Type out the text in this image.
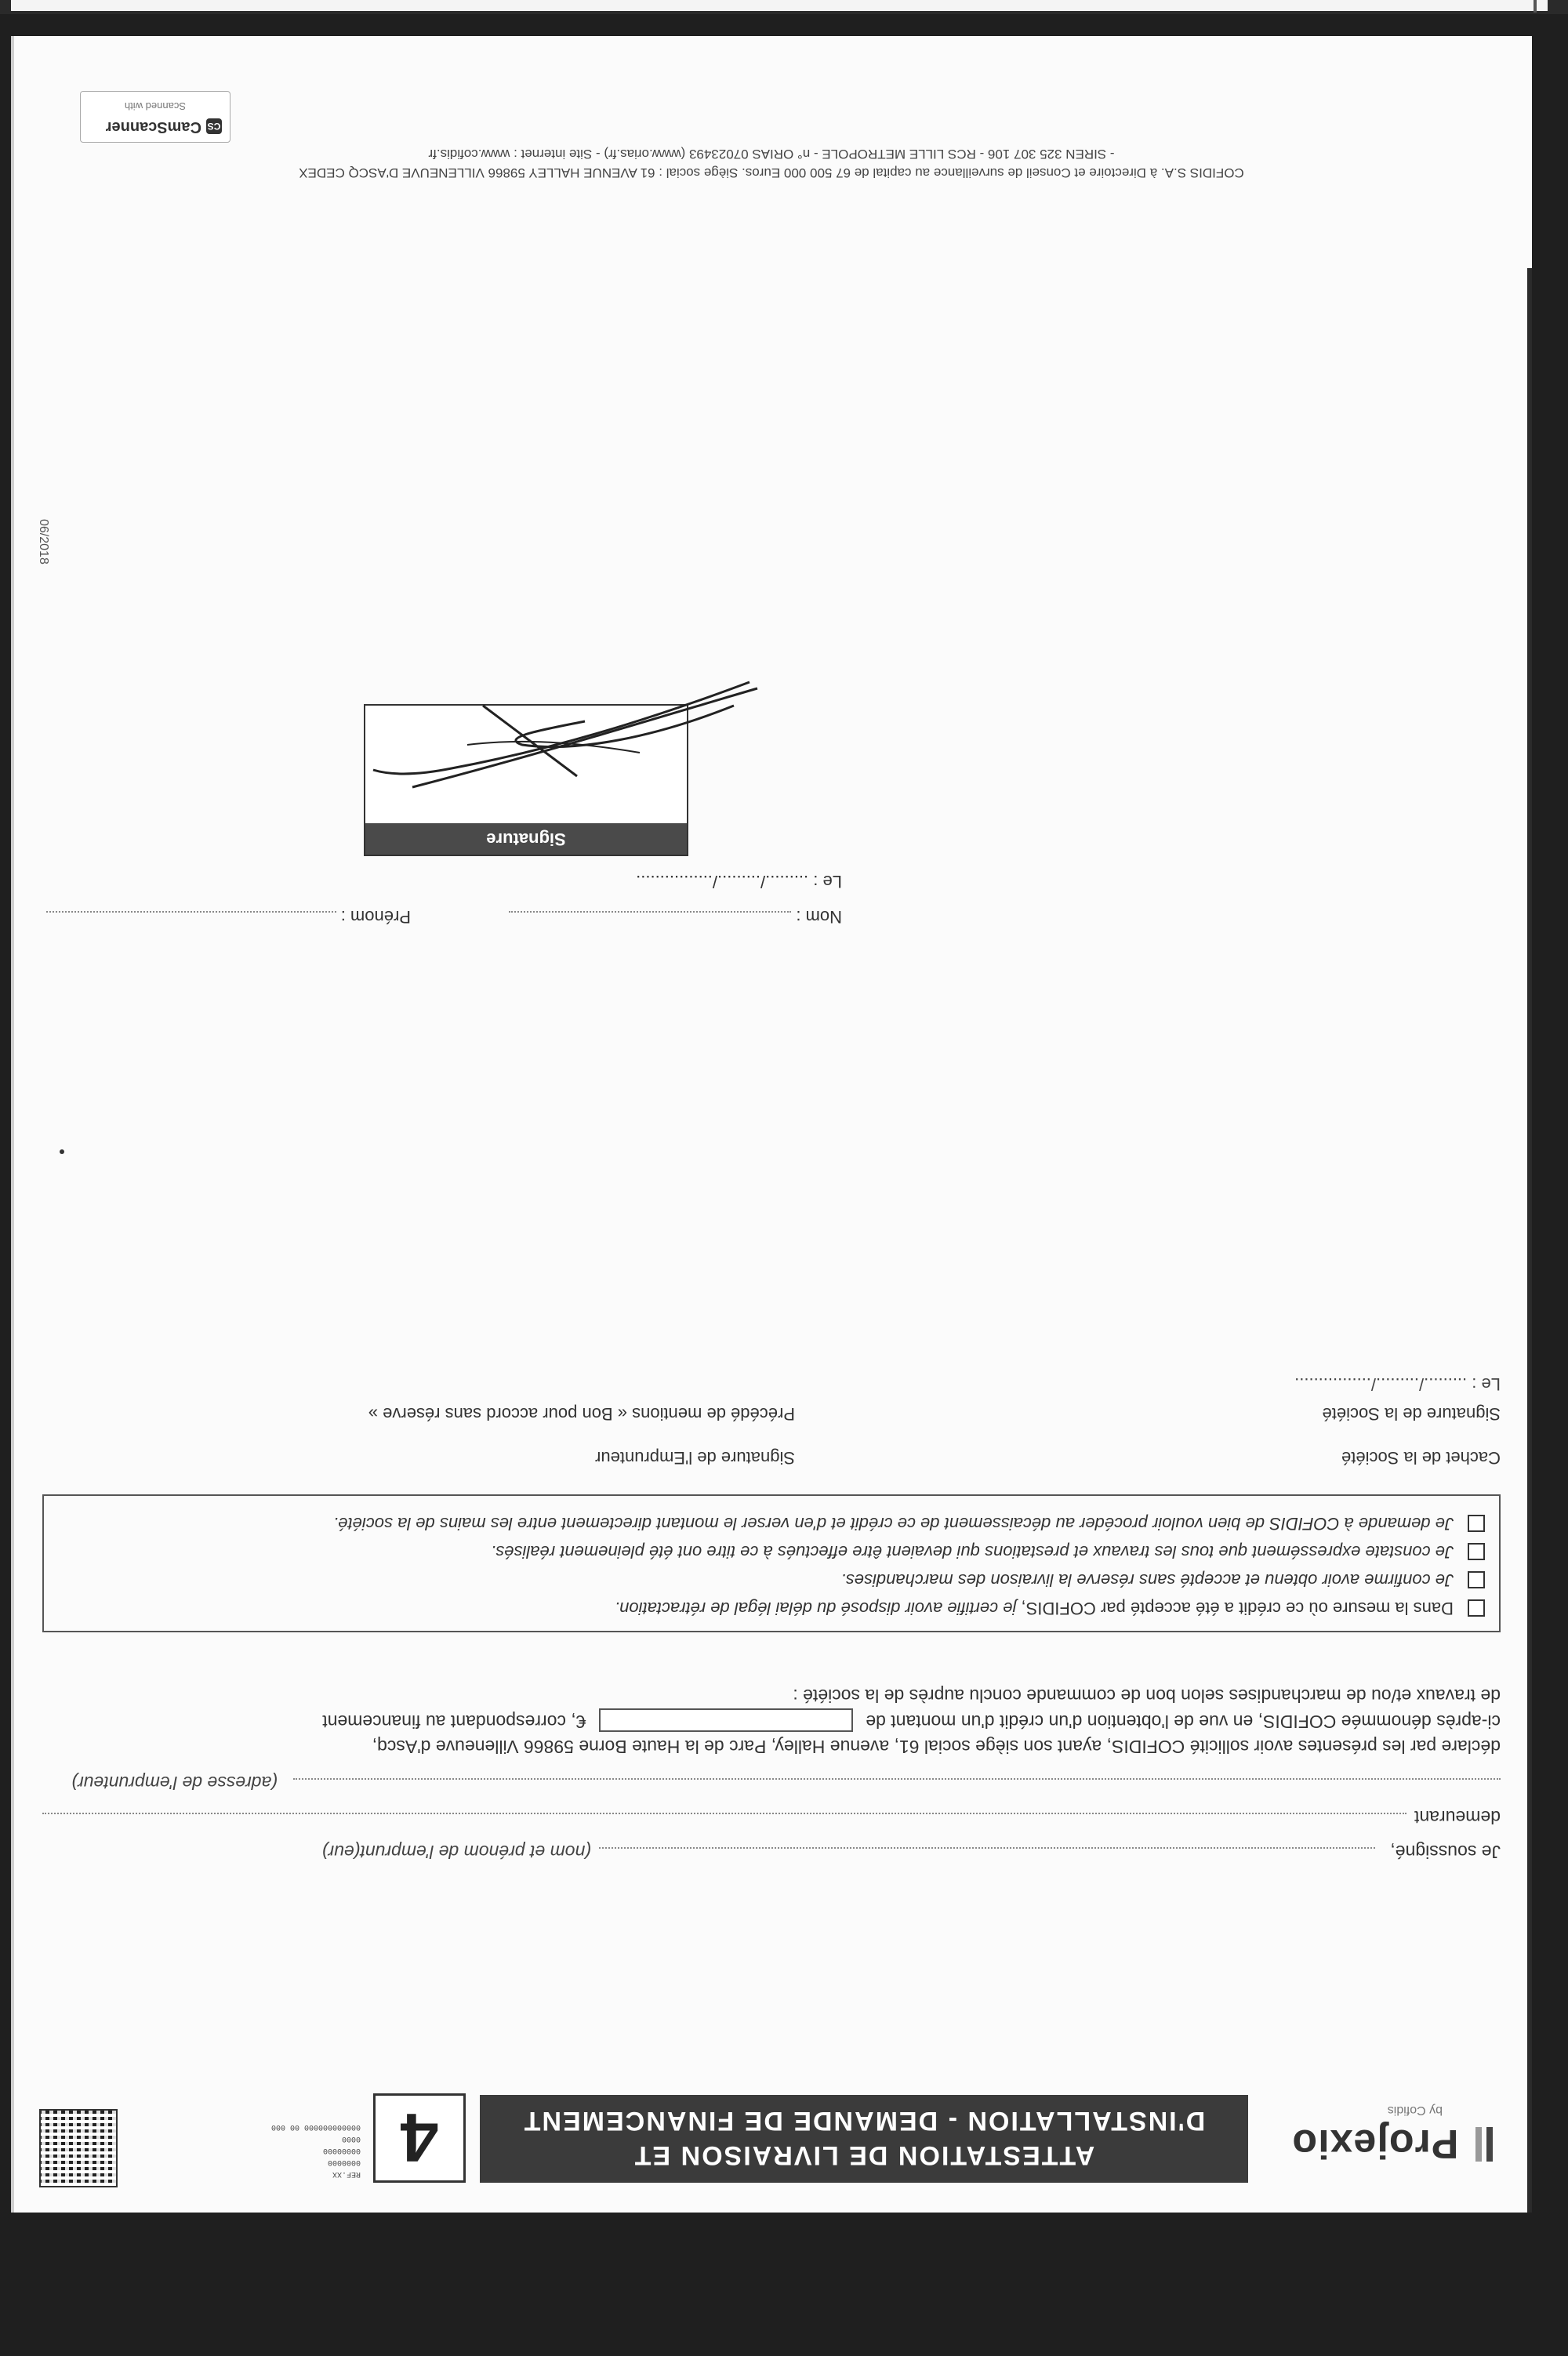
Projexio
by Cofidis
ATTESTATION DE LIVRAISON ET
D'INSTALLATION - DEMANDE DE FINANCEMENT
4
REF.XX
0000000
00000000
0000
000000000000 00 000
Je soussigné,
(nom et prénom de l'emprunt(eur)
demeurant
(adresse de l'emprunteur)
déclare par les présentes avoir sollicité COFIDIS, ayant son siège social 61, avenue Halley, Parc de la Haute Borne 59866 Villeneuve d'Ascq,
ci-après dénommée COFIDIS, en vue de l'obtention d'un crédit d'un montant de  €, correspondant au financement
de travaux et/ou de marchandises selon bon de commande conclu auprès de la société :
Dans la mesure où ce crédit a été accepté par COFIDIS, je certifie avoir disposé du délai légal de rétractation.
Je confirme avoir obtenu et accepté sans réserve la livraison des marchandises.
Je constate expressément que tous les travaux et prestations qui devaient être effectués à ce titre ont été pleinement réalisés.
Je demande à COFIDIS de bien vouloir procéder au décaissement de ce crédit et d'en verser le montant directement entre les mains de la société.
Cachet de la Société
Signature de la Société
Le : ........./........./................
Signature de l'Emprunteur
Précédé de mentions « Bon pour accord sans réserve »
Nom :
Prénom :
Le : ........./........./................
Signature
06/2018
COFIDIS S.A. à Directoire et Conseil de surveillance au capital de 67 500 000 Euros. Siège social : 61 AVENUE HALLEY 59866 VILLENEUVE D'ASCQ CEDEX
- SIREN 325 307 106 - RCS LILLE METROPOLE - n° ORIAS 07023493 (www.orias.fr) - Site internet : www.cofidis.fr
CS
CamScanner
Scanned with
